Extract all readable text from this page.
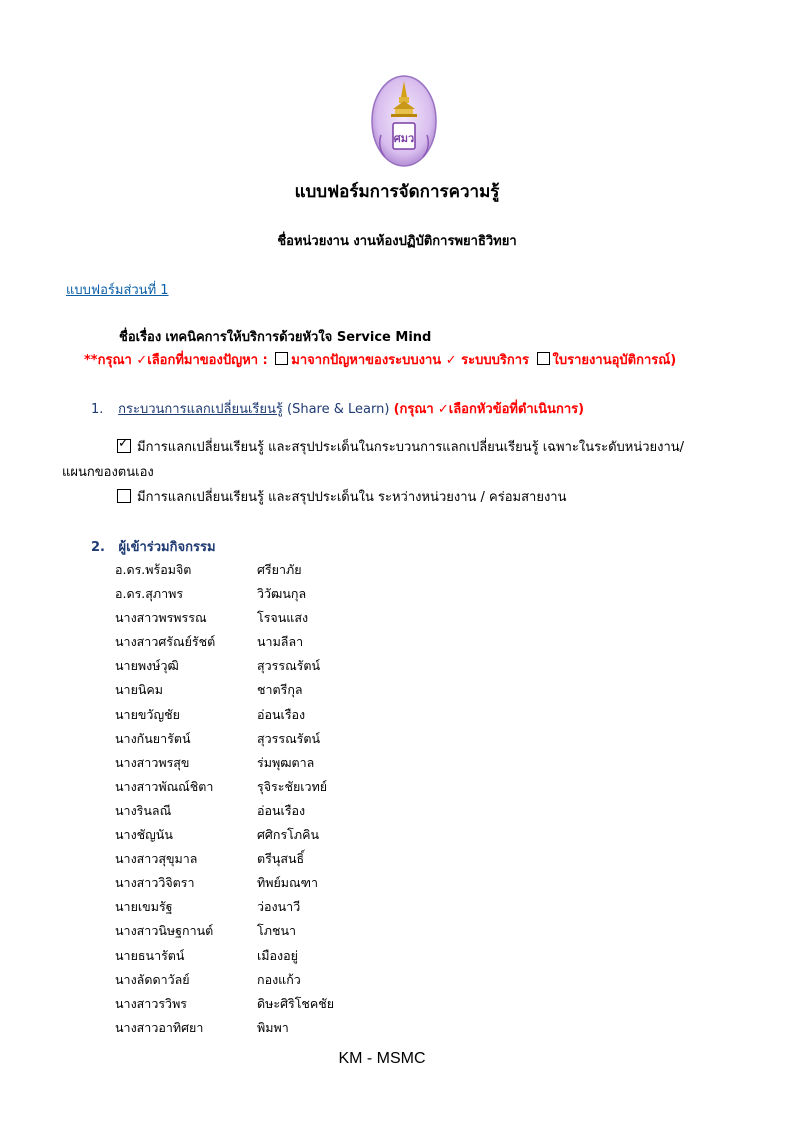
ศมว
แบบฟอร์มการจัดการความรู้
ชื่อหน่วยงาน งานห้องปฏิบัติการพยาธิวิทยา
แบบฟอร์มส่วนที่ 1
ชื่อเรื่อง เทคนิคการให้บริการด้วยหัวใจ Service Mind
**กรุณา ✓เลือกที่มาของปัญหา : มาจากปัญหาของระบบงาน ✓ ระบบบริการ ใบรายงานอุบัติการณ์)
1. กระบวนการแลกเปลี่ยนเรียนรู้ (Share & Learn) (กรุณา ✓เลือกหัวข้อที่ดำเนินการ)
✓มีการแลกเปลี่ยนเรียนรู้ และสรุปประเด็นในกระบวนการแลกเปลี่ยนเรียนรู้ เฉพาะในระดับหน่วยงาน/
แผนกของตนเอง
มีการแลกเปลี่ยนเรียนรู้ และสรุปประเด็นใน ระหว่างหน่วยงาน / คร่อมสายงาน
2. ผู้เข้าร่วมกิจกรรม
อ.ดร.พร้อมจิต	ศรียาภัย
อ.ดร.สุภาพร	วิวัฒนกุล
นางสาวพรพรรณ	โรจนแสง
นางสาวศรัณย์รัชต์	นามลีลา
นายพงษ์วุฒิ	สุวรรณรัตน์
นายนิคม	ชาตรีกุล
นายขวัญชัย	อ่อนเรือง
นางกันยารัตน์	สุวรรณรัตน์
นางสาวพรสุข	ร่มพุฒตาล
นางสาวพัณณ์ชิตา	รุจิระชัยเวทย์
นางรินลณี	อ่อนเรือง
นางชัญนัน	ศศิกรโภคิน
นางสาวสุขุมาล	ตรีนุสนธิ์
นางสาววิจิตรา	ทิพย์มณฑา
นายเขมรัฐ	ว่องนาวี
นางสาวนิษฐกานต์	โภชนา
นายธนารัตน์	เมืองอยู่
นางลัดดาวัลย์	กองแก้ว
นางสาวรวิพร	ดิษะศิริโชคชัย
นางสาวอาทิศยา	พิมพา
KM - MSMC
